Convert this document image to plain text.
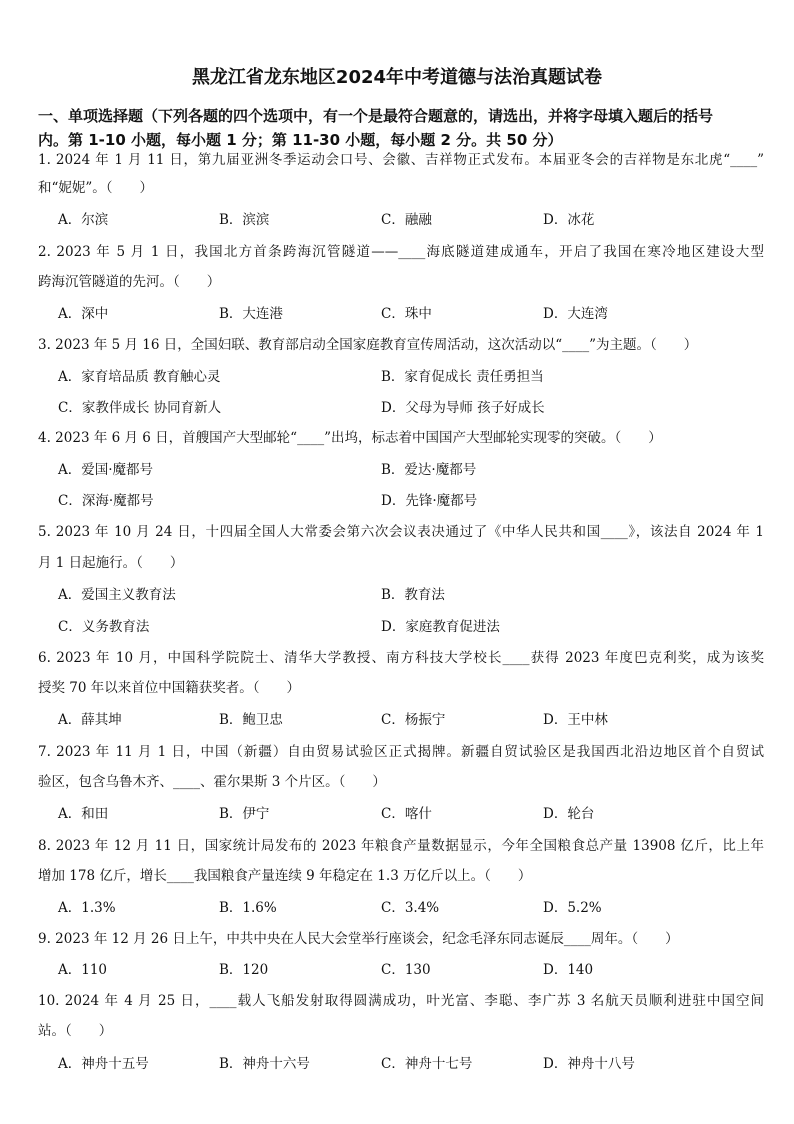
黑龙江省龙东地区2024年中考道德与法治真题试卷
一、单项选择题（下列各题的四个选项中，有一个是最符合题意的，请选出，并将字母填入题后的括号
内。第 1-10 小题，每小题 1 分；第 11-30 小题，每小题 2 分。共 50 分）
1. 2024 年 1 月 11 日，第九届亚洲冬季运动会口号、会徽、吉祥物正式发布。本届亚冬会的吉祥物是东北虎“____”
和“妮妮”。（　　）
A．尔滨	B．滨滨	C．融融	D．冰花
2. 2023 年 5 月 1 日，我国北方首条跨海沉管隧道——____海底隧道建成通车，开启了我国在寒冷地区建设大型
跨海沉管隧道的先河。（　　）
A．深中	B．大连港	C．珠中	D．大连湾
3. 2023 年 5 月 16 日，全国妇联、教育部启动全国家庭教育宣传周活动，这次活动以“____”为主题。（　　）
A．家育培品质 教育触心灵	B．家育促成长 责任勇担当
C．家教伴成长 协同育新人	D．父母为导师 孩子好成长
4. 2023 年 6 月 6 日，首艘国产大型邮轮“____”出坞，标志着中国国产大型邮轮实现零的突破。（　　）
A．爱国·魔都号	B．爱达·魔都号
C．深海·魔都号	D．先锋·魔都号
5. 2023 年 10 月 24 日，十四届全国人大常委会第六次会议表决通过了《中华人民共和国____》，该法自 2024 年 1
月 1 日起施行。（　　）
A．爱国主义教育法	B．教育法
C．义务教育法	D．家庭教育促进法
6. 2023 年 10 月，中国科学院院士、清华大学教授、南方科技大学校长____获得 2023 年度巴克利奖，成为该奖
授奖 70 年以来首位中国籍获奖者。（　　）
A．薛其坤	B．鲍卫忠	C．杨振宁	D．王中林
7. 2023 年 11 月 1 日，中国（新疆）自由贸易试验区正式揭牌。新疆自贸试验区是我国西北沿边地区首个自贸试
验区，包含乌鲁木齐、____、霍尔果斯 3 个片区。（　　）
A．和田	B．伊宁	C．喀什	D．轮台
8. 2023 年 12 月 11 日，国家统计局发布的 2023 年粮食产量数据显示，今年全国粮食总产量 13908 亿斤，比上年
增加 178 亿斤，增长____我国粮食产量连续 9 年稳定在 1.3 万亿斤以上。（　　）
A．1.3%	B．1.6%	C．3.4%	D．5.2%
9. 2023 年 12 月 26 日上午，中共中央在人民大会堂举行座谈会，纪念毛泽东同志诞辰____周年。（　　）
A．110	B．120	C．130	D．140
10. 2024 年 4 月 25 日，____载人飞船发射取得圆满成功，叶光富、李聪、李广苏 3 名航天员顺利进驻中国空间
站。（　　）
A．神舟十五号	B．神舟十六号	C．神舟十七号	D．神舟十八号
